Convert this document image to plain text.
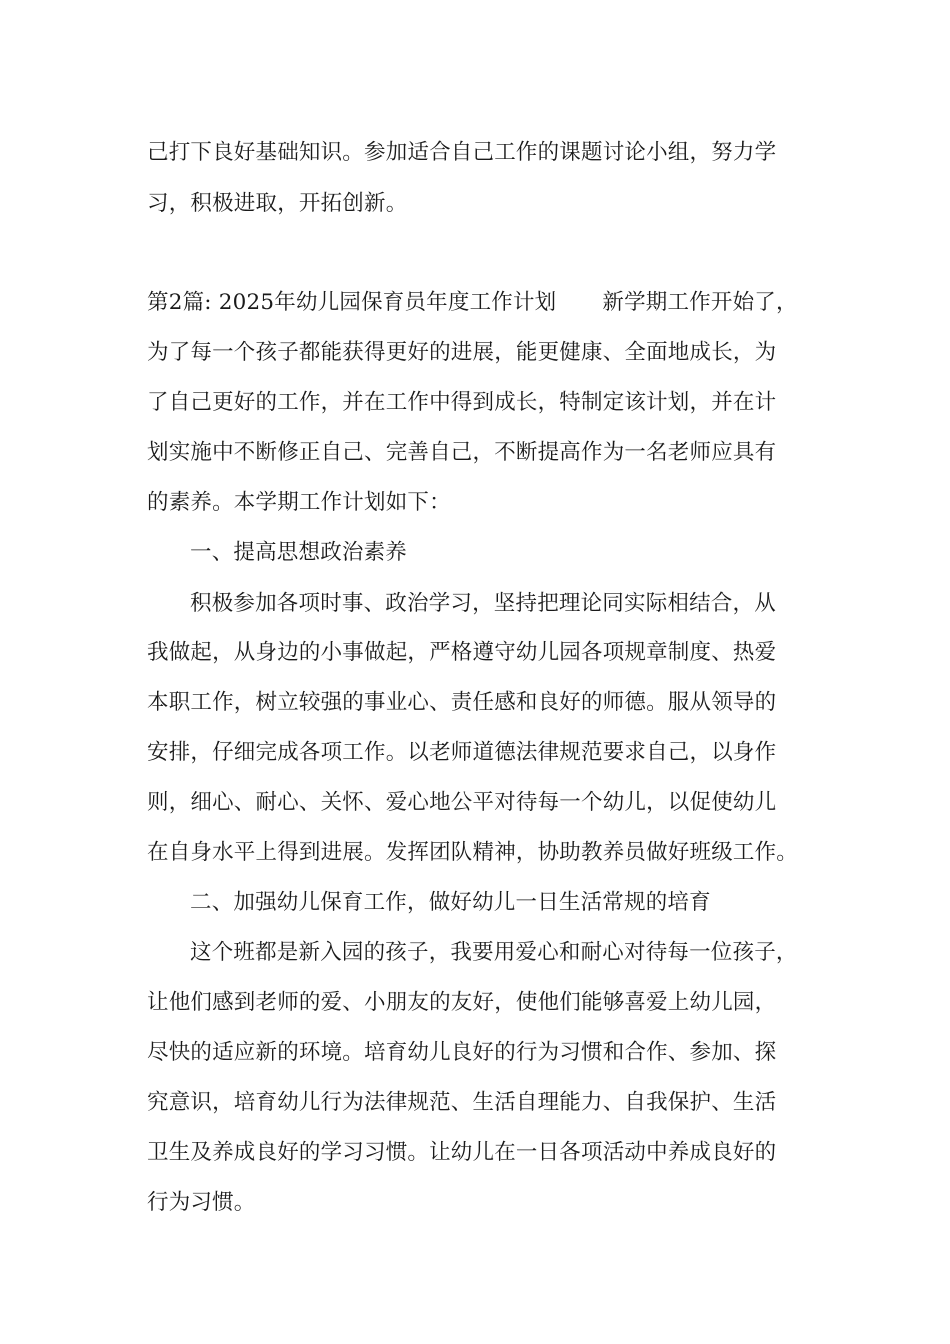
己打下良好基础知识。参加适合自己工作的课题讨论小组，努力学
习，积极进取，开拓创新。
第2篇: 2025年幼儿园保育员年度工作计划 新学期工作开始了，
为了每一个孩子都能获得更好的进展，能更健康、全面地成长，为
了自己更好的工作，并在工作中得到成长，特制定该计划，并在计
划实施中不断修正自己、完善自己，不断提高作为一名老师应具有
的素养。本学期工作计划如下：
一、提高思想政治素养
积极参加各项时事、政治学习，坚持把理论同实际相结合，从
我做起，从身边的小事做起，严格遵守幼儿园各项规章制度、热爱
本职工作，树立较强的事业心、责任感和良好的师德。服从领导的
安排，仔细完成各项工作。以老师道德法律规范要求自己，以身作
则，细心、耐心、关怀、爱心地公平对待每一个幼儿，以促使幼儿
在自身水平上得到进展。发挥团队精神，协助教养员做好班级工作。
二、加强幼儿保育工作，做好幼儿一日生活常规的培育
这个班都是新入园的孩子，我要用爱心和耐心对待每一位孩子，
让他们感到老师的爱、小朋友的友好，使他们能够喜爱上幼儿园，
尽快的适应新的环境。培育幼儿良好的行为习惯和合作、参加、探
究意识，培育幼儿行为法律规范、生活自理能力、自我保护、生活
卫生及养成良好的学习习惯。让幼儿在一日各项活动中养成良好的
行为习惯。
